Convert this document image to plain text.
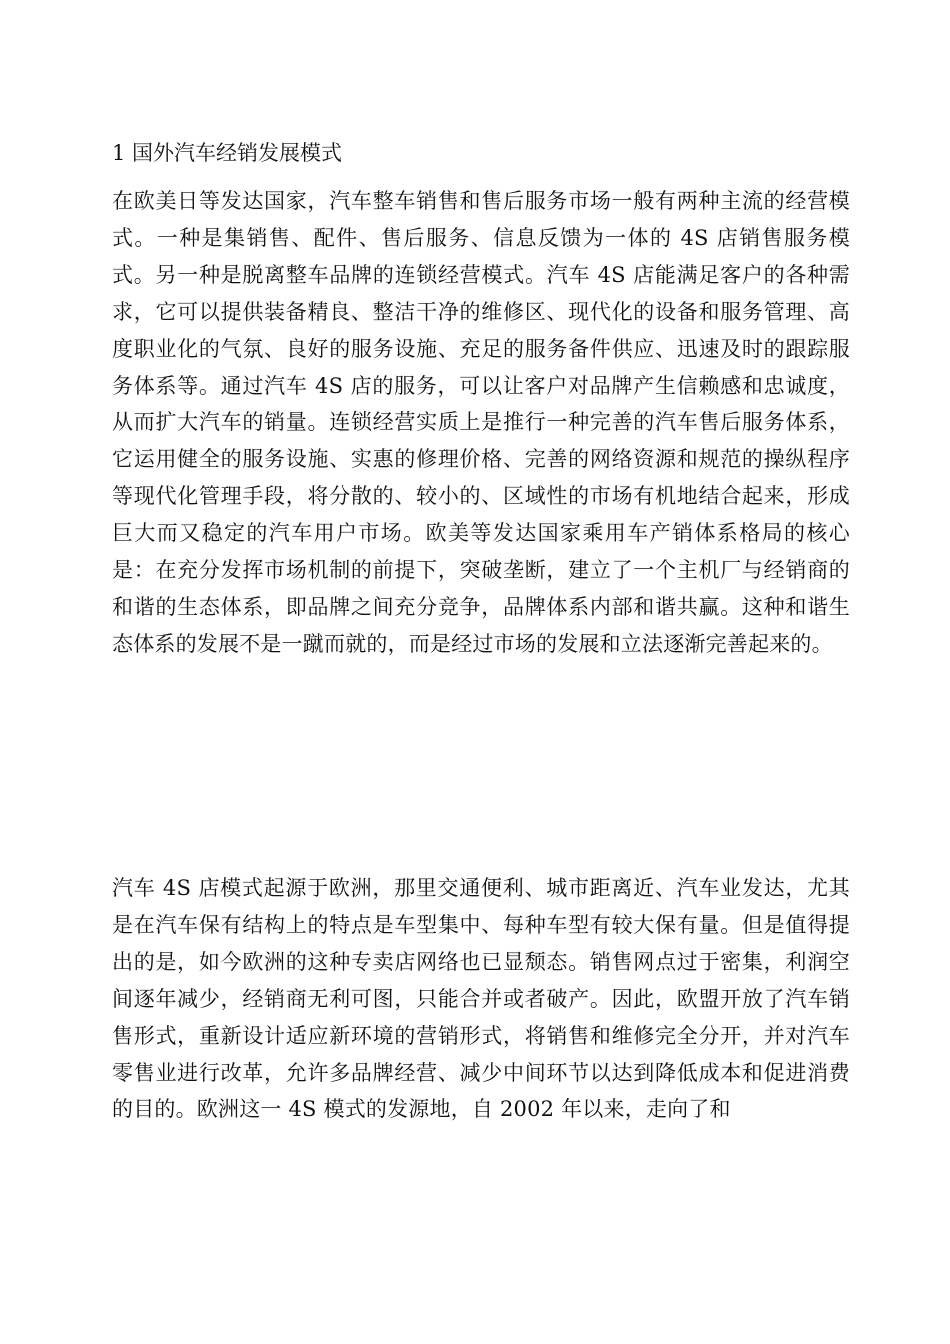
1 国外汽车经销发展模式

在欧美日等发达国家，汽车整车销售和售后服务市场一般有两种主流的经营模式。一种是集销售、配件、售后服务、信息反馈为一体的 4S 店销售服务模式。另一种是脱离整车品牌的连锁经营模式。汽车 4S 店能满足客户的各种需求，它可以提供装备精良、整洁干净的维修区、现代化的设备和服务管理、高度职业化的气氛、良好的服务设施、充足的服务备件供应、迅速及时的跟踪服务体系等。通过汽车 4S 店的服务，可以让客户对品牌产生信赖感和忠诚度，从而扩大汽车的销量。连锁经营实质上是推行一种完善的汽车售后服务体系，它运用健全的服务设施、实惠的修理价格、完善的网络资源和规范的操纵程序等现代化管理手段，将分散的、较小的、区域性的市场有机地结合起来，形成巨大而又稳定的汽车用户市场。欧美等发达国家乘用车产销体系格局的核心是：在充分发挥市场机制的前提下，突破垄断，建立了一个主机厂与经销商的和谐的生态体系，即品牌之间充分竞争，品牌体系内部和谐共赢。这种和谐生态体系的发展不是一蹴而就的，而是经过市场的发展和立法逐渐完善起来的。

汽车 4S 店模式起源于欧洲，那里交通便利、城市距离近、汽车业发达，尤其是在汽车保有结构上的特点是车型集中、每种车型有较大保有量。但是值得提出的是，如今欧洲的这种专卖店网络也已显颓态。销售网点过于密集，利润空间逐年减少，经销商无利可图，只能合并或者破产。因此，欧盟开放了汽车销售形式，重新设计适应新环境的营销形式，将销售和维修完全分开，并对汽车零售业进行改革，允许多品牌经营、减少中间环节以达到降低成本和促进消费的目的。欧洲这一 4S 模式的发源地，自 2002 年以来，走向了和
